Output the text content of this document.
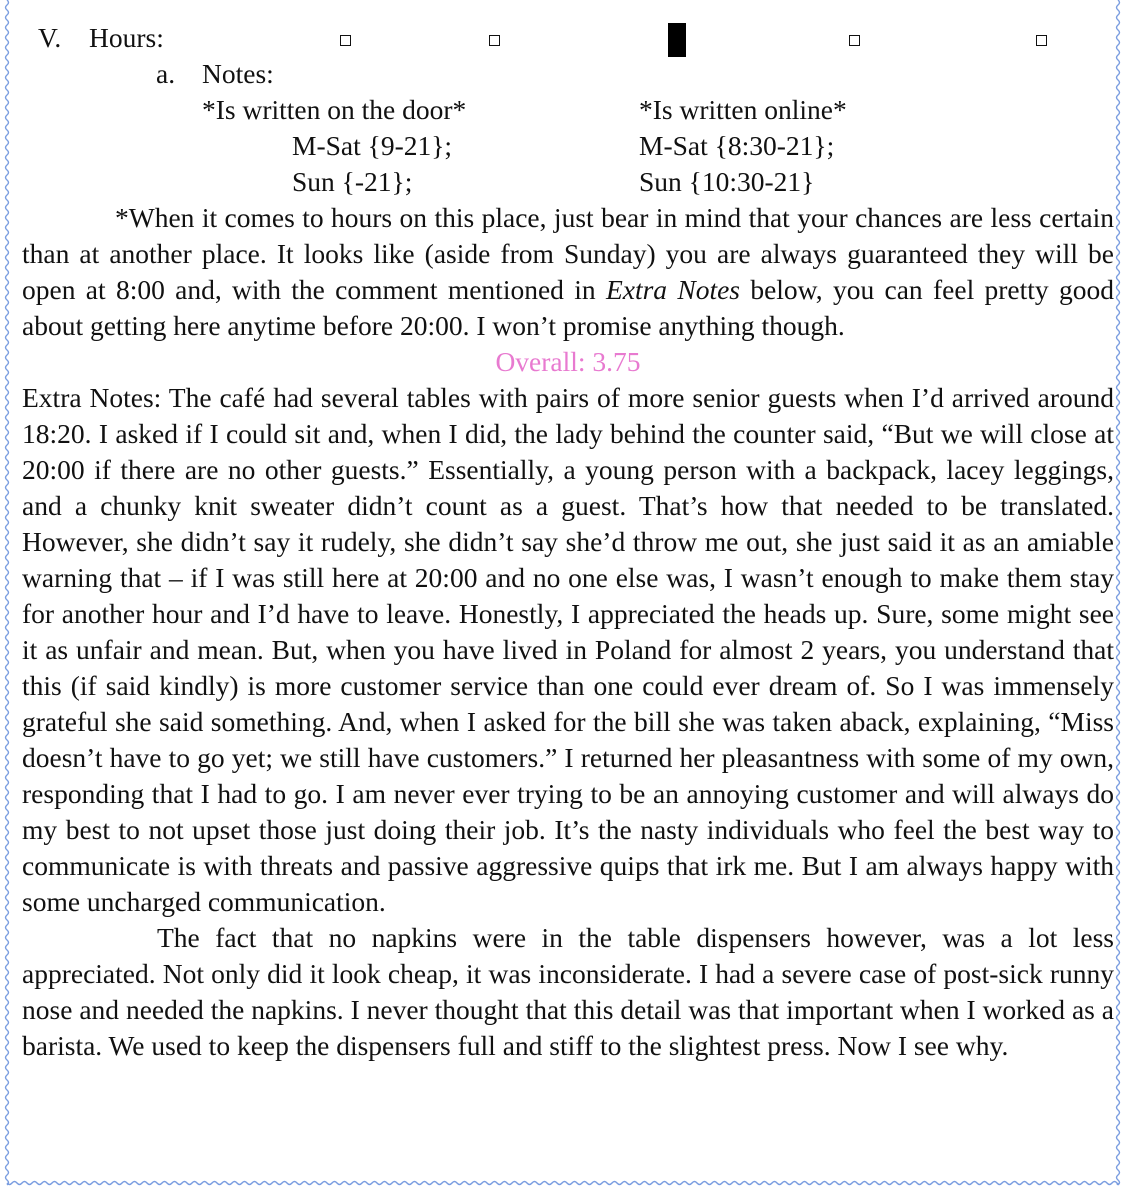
V. Hours:
a. Notes:
*Is written on the door*	*Is written online*
M-Sat {9-21};	M-Sat {8:30-21};
Sun {-21};	Sun {10:30-21}

*When it comes to hours on this place, just bear in mind that your chances are less certain than at another place. It looks like (aside from Sunday) you are always guaranteed they will be open at 8:00 and, with the comment mentioned in Extra Notes below, you can feel pretty good about getting here anytime before 20:00. I won’t promise anything though.

Overall: 3.75

Extra Notes: The café had several tables with pairs of more senior guests when I’d arrived around 18:20. I asked if I could sit and, when I did, the lady behind the counter said, “But we will close at 20:00 if there are no other guests.” Essentially, a young person with a backpack, lacey leggings, and a chunky knit sweater didn’t count as a guest. That’s how that needed to be translated. However, she didn’t say it rudely, she didn’t say she’d throw me out, she just said it as an amiable warning that – if I was still here at 20:00 and no one else was, I wasn’t enough to make them stay for another hour and I’d have to leave. Honestly, I appreciated the heads up. Sure, some might see it as unfair and mean. But, when you have lived in Poland for almost 2 years, you understand that this (if said kindly) is more customer service than one could ever dream of. So I was immensely grateful she said something. And, when I asked for the bill she was taken aback, explaining, “Miss doesn’t have to go yet; we still have customers.” I returned her pleasantness with some of my own, responding that I had to go. I am never ever trying to be an annoying customer and will always do my best to not upset those just doing their job. It’s the nasty individuals who feel the best way to communicate is with threats and passive aggressive quips that irk me. But I am always happy with some uncharged communication.

The fact that no napkins were in the table dispensers however, was a lot less appreciated. Not only did it look cheap, it was inconsiderate. I had a severe case of post-sick runny nose and needed the napkins. I never thought that this detail was that important when I worked as a barista. We used to keep the dispensers full and stiff to the slightest press. Now I see why.
